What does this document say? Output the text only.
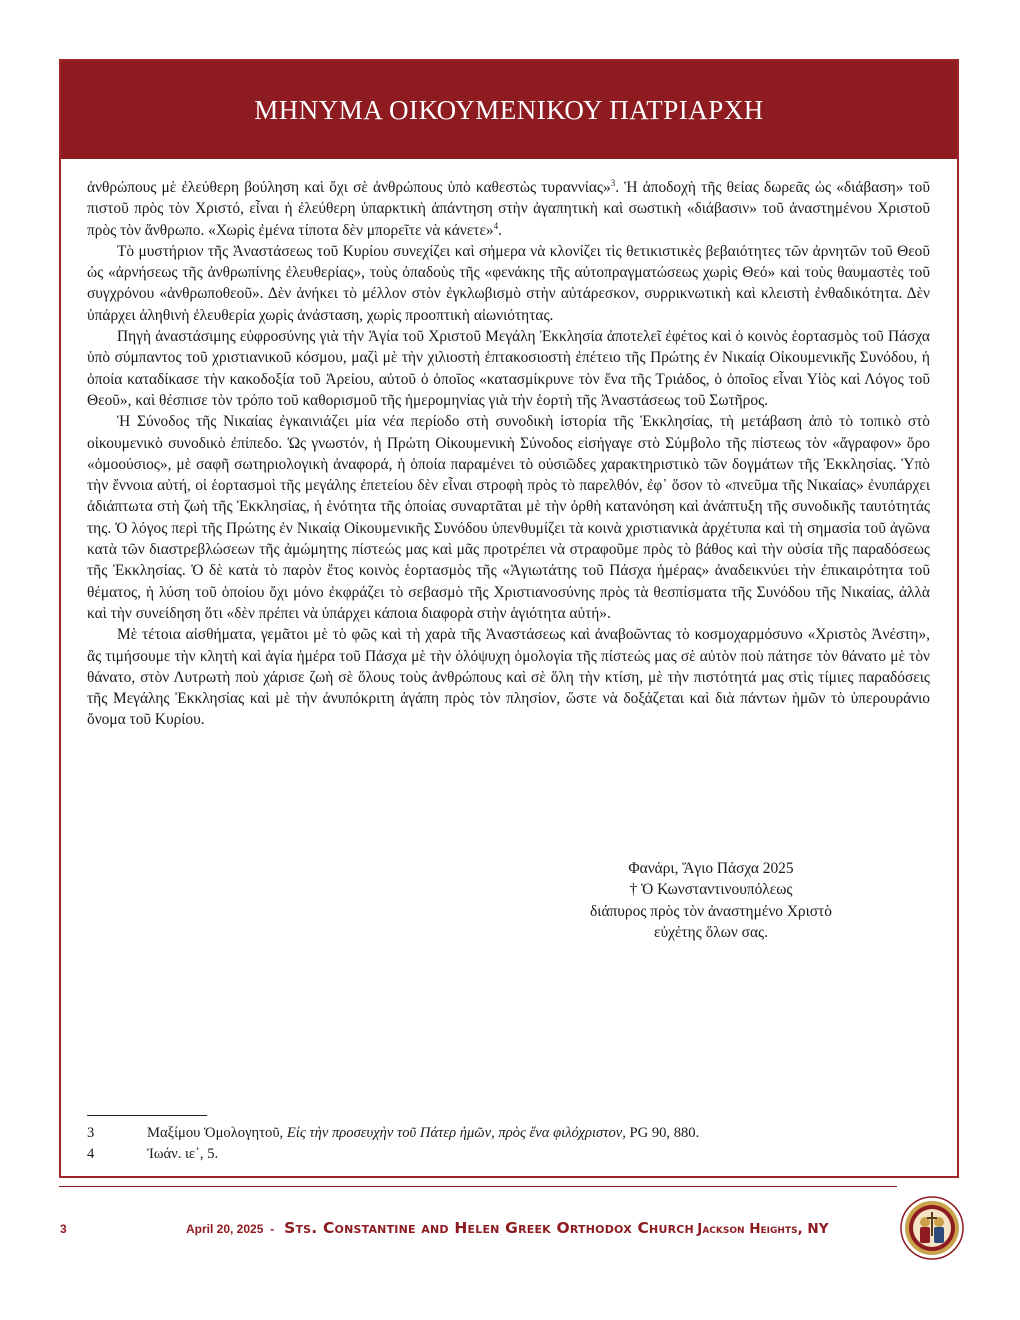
ΜΗΝΥΜΑ ΟΙΚΟΥΜΕΝΙΚΟΥ ΠΑΤΡΙΑΡΧΗ

ἀνθρώπους μὲ ἐλεύθερη βούληση καὶ ὄχι σὲ ἀνθρώπους ὑπὸ καθεστὼς τυραννίας»$^3$. Ἡ ἀποδοχὴ τῆς θείας δωρεᾶς ὡς «διάβαση» τοῦ πιστοῦ πρὸς τὸν Χριστό, εἶναι ἡ ἐλεύθερη ὑπαρκτικὴ ἀπάντηση στὴν ἀγαπητικὴ καὶ σωστικὴ «διάβασιν» τοῦ ἀναστημένου Χριστοῦ πρὸς τὸν ἄνθρωπο. «Χωρὶς ἐμένα τίποτα δὲν μπορεῖτε νὰ κάνετε»$^4$.

Τὸ μυστήριον τῆς Ἀναστάσεως τοῦ Κυρίου συνεχίζει καὶ σήμερα νὰ κλονίζει τὶς θετικιστικὲς βεβαιότητες τῶν ἀρνητῶν τοῦ Θεοῦ ὡς «ἀρνήσεως τῆς ἀνθρωπίνης ἐλευθερίας», τοὺς ὀπαδοὺς τῆς «φενάκης τῆς αὐτοπραγματώσεως χωρὶς Θεό» καὶ τοὺς θαυμαστὲς τοῦ συγχρόνου «ἀνθρωποθεοῦ». Δὲν ἀνήκει τὸ μέλλον στὸν ἐγκλωβισμὸ στὴν αὐτάρεσκον, συρρικνωτικὴ καὶ κλειστὴ ἐνθαδικότητα. Δὲν ὑπάρχει ἀληθινὴ ἐλευθερία χωρὶς ἀνάσταση, χωρὶς προοπτικὴ αἰωνιότητας.

Πηγὴ ἀναστάσιμης εὐφροσύνης γιὰ τὴν Ἁγία τοῦ Χριστοῦ Μεγάλη Ἐκκλησία ἀποτελεῖ ἐφέτος καὶ ὁ κοινὸς ἑορτασμὸς τοῦ Πάσχα ὑπὸ σύμπαντος τοῦ χριστιανικοῦ κόσμου, μαζὶ μὲ τὴν χιλιοστὴ ἑπτακοσιοστὴ ἐπέτειο τῆς Πρώτης ἐν Νικαίᾳ Οἰκουμενικῆς Συνόδου, ἡ ὁποία καταδίκασε τὴν κακοδοξία τοῦ Ἀρείου, αὐτοῦ ὁ ὁποῖος «κατασμίκρυνε τὸν ἕνα τῆς Τριάδος, ὁ ὁποῖος εἶναι Υἱὸς καὶ Λόγος τοῦ Θεοῦ», καὶ θέσπισε τὸν τρόπο τοῦ καθορισμοῦ τῆς ἡμερομηνίας γιὰ τὴν ἑορτὴ τῆς Ἀναστάσεως τοῦ Σωτῆρος.

Ἡ Σύνοδος τῆς Νικαίας ἐγκαινιάζει μία νέα περίοδο στὴ συνοδικὴ ἱστορία τῆς Ἐκκλησίας, τὴ μετάβαση ἀπὸ τὸ τοπικὸ στὸ οἰκουμενικὸ συνοδικὸ ἐπίπεδο. Ὡς γνωστόν, ἡ Πρώτη Οἰκουμενικὴ Σύνοδος εἰσήγαγε στὸ Σύμβολο τῆς πίστεως τὸν «ἄγραφον» ὅρο «ὁμοούσιος», μὲ σαφῆ σωτηριολογικὴ ἀναφορά, ἡ ὁποία παραμένει τὸ οὐσιῶδες χαρακτηριστικὸ τῶν δογμάτων τῆς Ἐκκλησίας. Ὑπὸ τὴν ἔννοια αὐτή, οἱ ἑορτασμοὶ τῆς μεγάλης ἐπετείου δὲν εἶναι στροφὴ πρὸς τὸ παρελθόν, ἐφ᾽ ὅσον τὸ «πνεῦμα τῆς Νικαίας» ἐνυπάρχει ἀδιάπτωτα στὴ ζωὴ τῆς Ἐκκλησίας, ἡ ἑνότητα τῆς ὁποίας συναρτᾶται μὲ τὴν ὀρθὴ κατανόηση καὶ ἀνάπτυξη τῆς συνοδικῆς ταυτότητάς της. Ὁ λόγος περὶ τῆς Πρώτης ἐν Νικαίᾳ Οἰκουμενικῆς Συνόδου ὑπενθυμίζει τὰ κοινὰ χριστιανικὰ ἀρχέτυπα καὶ τὴ σημασία τοῦ ἀγῶνα κατὰ τῶν διαστρεβλώσεων τῆς ἀμώμητης πίστεώς μας καὶ μᾶς προτρέπει νὰ στραφοῦμε πρὸς τὸ βάθος καὶ τὴν οὐσία τῆς παραδόσεως τῆς Ἐκκλησίας. Ὁ δὲ κατὰ τὸ παρὸν ἔτος κοινὸς ἑορτασμὸς τῆς «Ἁγιωτάτης τοῦ Πάσχα ἡμέρας» ἀναδεικνύει τὴν ἐπικαιρότητα τοῦ θέματος, ἡ λύση τοῦ ὁποίου ὄχι μόνο ἐκφράζει τὸ σεβασμὸ τῆς Χριστιανοσύνης πρὸς τὰ θεσπίσματα τῆς Συνόδου τῆς Νικαίας, ἀλλὰ καὶ τὴν συνείδηση ὅτι «δὲν πρέπει νὰ ὑπάρχει κάποια διαφορὰ στὴν ἁγιότητα αὐτή».

Μὲ τέτοια αἰσθήματα, γεμᾶτοι μὲ τὸ φῶς καὶ τὴ χαρὰ τῆς Ἀναστάσεως καὶ ἀναβοῶντας τὸ κοσμοχαρμόσυνο «Χριστὸς Ἀνέστη», ἂς τιμήσουμε τὴν κλητὴ καὶ ἁγία ἡμέρα τοῦ Πάσχα μὲ τὴν ὁλόψυχη ὁμολογία τῆς πίστεώς μας σὲ αὐτὸν ποὺ πάτησε τὸν θάνατο μὲ τὸν θάνατο, στὸν Λυτρωτὴ ποὺ χάρισε ζωὴ σὲ ὅλους τοὺς ἀνθρώπους καὶ σὲ ὅλη τὴν κτίση, μὲ τὴν πιστότητά μας στὶς τίμιες παραδόσεις τῆς Μεγάλης Ἐκκλησίας καὶ μὲ τὴν ἀνυπόκριτη ἀγάπη πρὸς τὸν πλησίον, ὥστε νὰ δοξάζεται καὶ διὰ πάντων ἡμῶν τὸ ὑπερουράνιο ὄνομα τοῦ Κυρίου.

Φανάρι, Ἅγιο Πάσχα 2025
† Ὁ Κωνσταντινουπόλεως
διάπυρος πρὸς τὸν ἀναστημένο Χριστὸ
εὐχέτης ὅλων σας.
3	Μαξίμου Ὁμολογητοῦ, Εἰς τὴν προσευχὴν τοῦ Πάτερ ἡμῶν, πρὸς ἕνα φιλόχριστον, PG 90, 880.
4	Ἰωάν. ιε᾽, 5.
3	April 20, 2025 - Sts. Constantine and Helen Greek Orthodox Church Jackson Heights, NY
